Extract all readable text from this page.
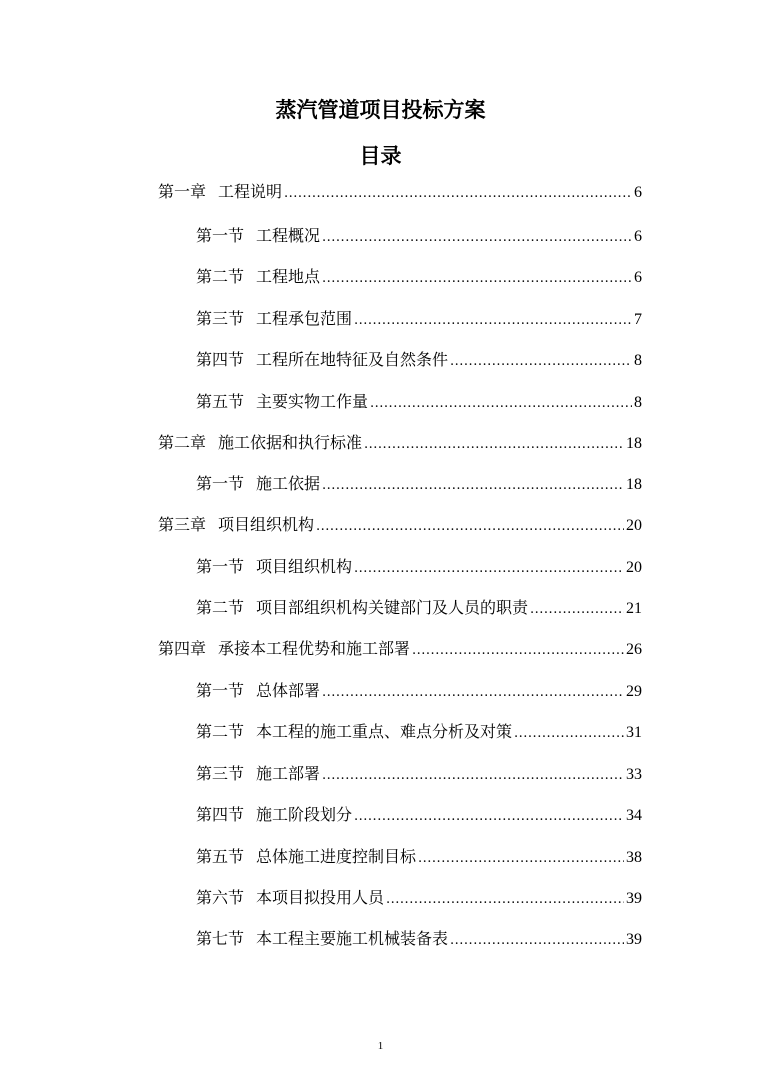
蒸汽管道项目投标方案
目录
第一章 工程说明 .....	6
第一节 工程概况 .....	6
第二节 工程地点 .....	6
第三节 工程承包范围 .....	7
第四节 工程所在地特征及自然条件 .....	8
第五节 主要实物工作量 .....	8
第二章 施工依据和执行标准 .....	18
第一节 施工依据 .....	18
第三章 项目组织机构 .....	20
第一节 项目组织机构 .....	20
第二节 项目部组织机构关键部门及人员的职责 .....	21
第四章 承接本工程优势和施工部署 .....	26
第一节 总体部署 .....	29
第二节 本工程的施工重点、难点分析及对策 .....	31
第三节 施工部署 .....	33
第四节 施工阶段划分 .....	34
第五节 总体施工进度控制目标 .....	38
第六节 本项目拟投用人员 .....	39
第七节 本工程主要施工机械装备表 .....	39
1
